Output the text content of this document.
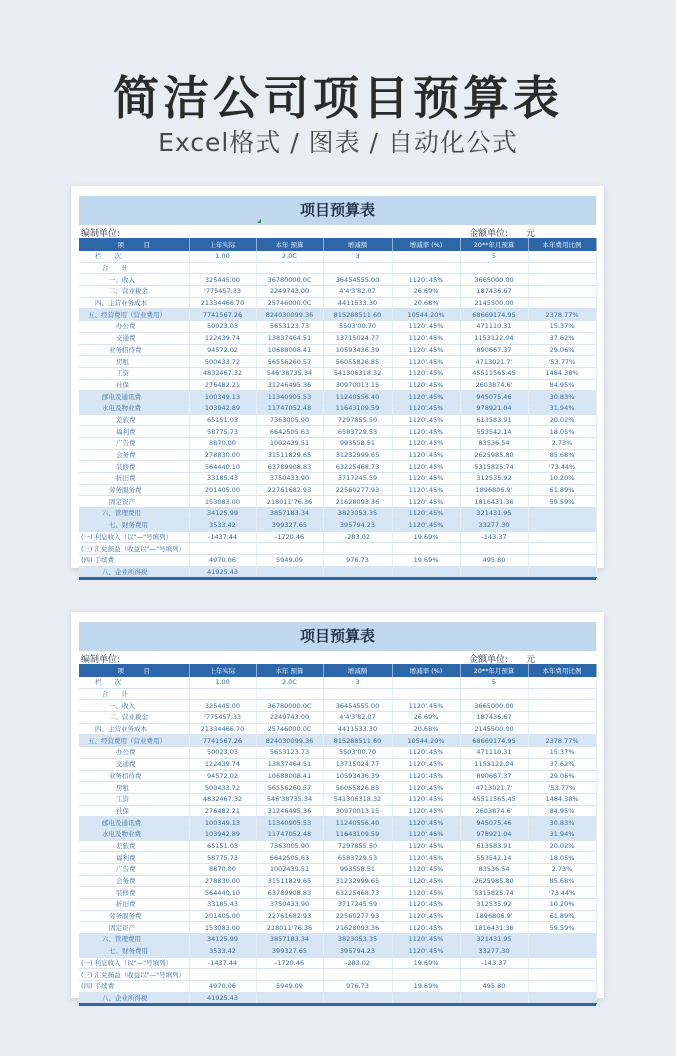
简洁公司项目预算表
Excel格式 / 图表 / 自动化公式
项目预算表
编制单位:	金额单位: 元
项　　　目	上年实际	本年 预算	增减额	增减率 (%)	20**年月预算	本年费用比例
栏　　次	1.00	2.0C	3		5	
合　　计						
一、收入	325445.00	36780000.0C	36454555.00	1120'.45%	3665000.00	
二、营业税金	'775457.33	2249743.00	4'4'3'82.07	26.69%	187436.67	
四、主营业务成本	21334466.70	25746000.0C	4411533.30	20.68%	2145500.00	
五、经营费用（营业费用）	7741567.26	824030099.36	815288511.60	10544.20%	68669174.95	2378.77%
办公费	50023.03	5653123.73	5503'00.70	1120'.45%	471110.31	15.37%
交通费	122439.74	13837464.51	13715024.77	1120'.45%	1153122.04	37.62%
业务招待费	94572.02	10688008.41	10593436.39	1120'.45%	890667.37	29.06%
房租	500433.72	56556260.57	56055826.85	1120'.45%	4713021.7'	'53.77%
工资	4832467.32	546'38735.34	541306318.32	1120'.45%	45511565.45	1484.38%
社保	276482.21	31246495.36	30970013.15	1120'.45%	2603874.6'	84.95%
邮电及通讯费	100349.13	11340905.53	11240556.40	1120'.45%	945075.46	30.83%
水电及物业费	103942.89	11747052.48	11643109.59	1120'.45%	978921.04	31.94%
差旅费	65151.03	7363005.90	7297855.50	1120'.45%	613583.91	20.02%
福利费	58775.73	6642505.63	6583729.53	1120'.45%	553542.14	18.05%
广告费	8870.00	1002439.51	993558.51	1120'.45%	83536.54	2.73%
会务费	278830.00	31511829.65	31232999.65	1120'.45%	2625985.80	85.68%
装修费	564440.10	63789908.83	63225468.73	1120'.45%	5315825.74	'73.44%
折旧费	33185.43	3750433.90	3717245.59	1120'.45%	312535.92	10.20%
劳务服务费	201405.00	22761682.93	22560277.93	1120'.45%	1896806.9'	61.89%
固定资产	153083.00	218011'76.36	21628093.36	1120'.45%	1816431.36	59.59%
六、管理费用	34125.99	3857183.34	3823053.35	1120'.45%	321431.95	
七、财务费用	3533.42	399327.65	395794.23	1120'.45%	33277.30	
(一) 利息收入（以"—"号填列）	-1437.44	-1720.46	-283.02	19.69%	-143.37	
(三) 汇兑损益（收益以"—"号填列）						
(四) 手续费	4970.06	5949.09	976.73	19.69%	495.80	
八、企业所得税	41925.43					
项目预算表
编制单位:	金额单位: 元
项　　　目	上年实际	本年 预算	增减额	增减率 (%)	20**年月预算	本年费用比例
栏　　次	1.00	2.0C	3		5	
合　　计						
一、收入	325445.00	36780000.0C	36454555.00	1120'.45%	3665000.00	
二、营业税金	'775457.33	2249743.00	4'4'3'82.07	26.69%	187436.67	
四、主营业务成本	21334466.70	25746000.0C	4411533.30	20.68%	2145500.00	
五、经营费用（营业费用）	7741567.26	824030099.36	815288511.60	10544.20%	68669174.95	2378.77%
办公费	50023.03	5653123.73	5503'00.70	1120'.45%	471110.31	15.37%
交通费	122439.74	13837464.51	13715024.77	1120'.45%	1153122.04	37.62%
业务招待费	94572.02	10688008.41	10593436.39	1120'.45%	890667.37	29.06%
房租	500433.72	56556260.57	56055826.85	1120'.45%	4713021.7'	'53.77%
工资	4832467.32	546'38735.34	541306318.32	1120'.45%	45511565.45	1484.38%
社保	276482.21	31246495.36	30970013.15	1120'.45%	2603874.6'	84.95%
邮电及通讯费	100349.13	11340905.53	11240556.40	1120'.45%	945075.46	30.83%
水电及物业费	103942.89	11747052.48	11643109.59	1120'.45%	978921.04	31.94%
差旅费	65151.03	7363005.90	7297855.50	1120'.45%	613583.91	20.02%
福利费	58775.73	6642505.63	6583729.53	1120'.45%	553542.14	18.05%
广告费	8870.00	1002439.51	993558.51	1120'.45%	83536.54	2.73%
会务费	278830.00	31511829.65	31232999.65	1120'.45%	2625985.80	85.68%
装修费	564440.10	63789908.83	63225468.73	1120'.45%	5315825.74	'73.44%
折旧费	33185.43	3750433.90	3717245.59	1120'.45%	312535.92	10.20%
劳务服务费	201405.00	22761682.93	22560277.93	1120'.45%	1896806.9'	61.89%
固定资产	153083.00	218011'76.36	21628093.36	1120'.45%	1816431.36	59.59%
六、管理费用	34125.99	3857183.34	3823053.35	1120'.45%	321431.95	
七、财务费用	3533.42	399327.65	395794.23	1120'.45%	33277.30	
(一) 利息收入（以"—"号填列）	-1437.44	-1720.46	-283.02	19.69%	-143.37	
(三) 汇兑损益（收益以"—"号填列）						
(四) 手续费	4970.06	5949.09	976.73	19.69%	495.80	
八、企业所得税	41925.43					
